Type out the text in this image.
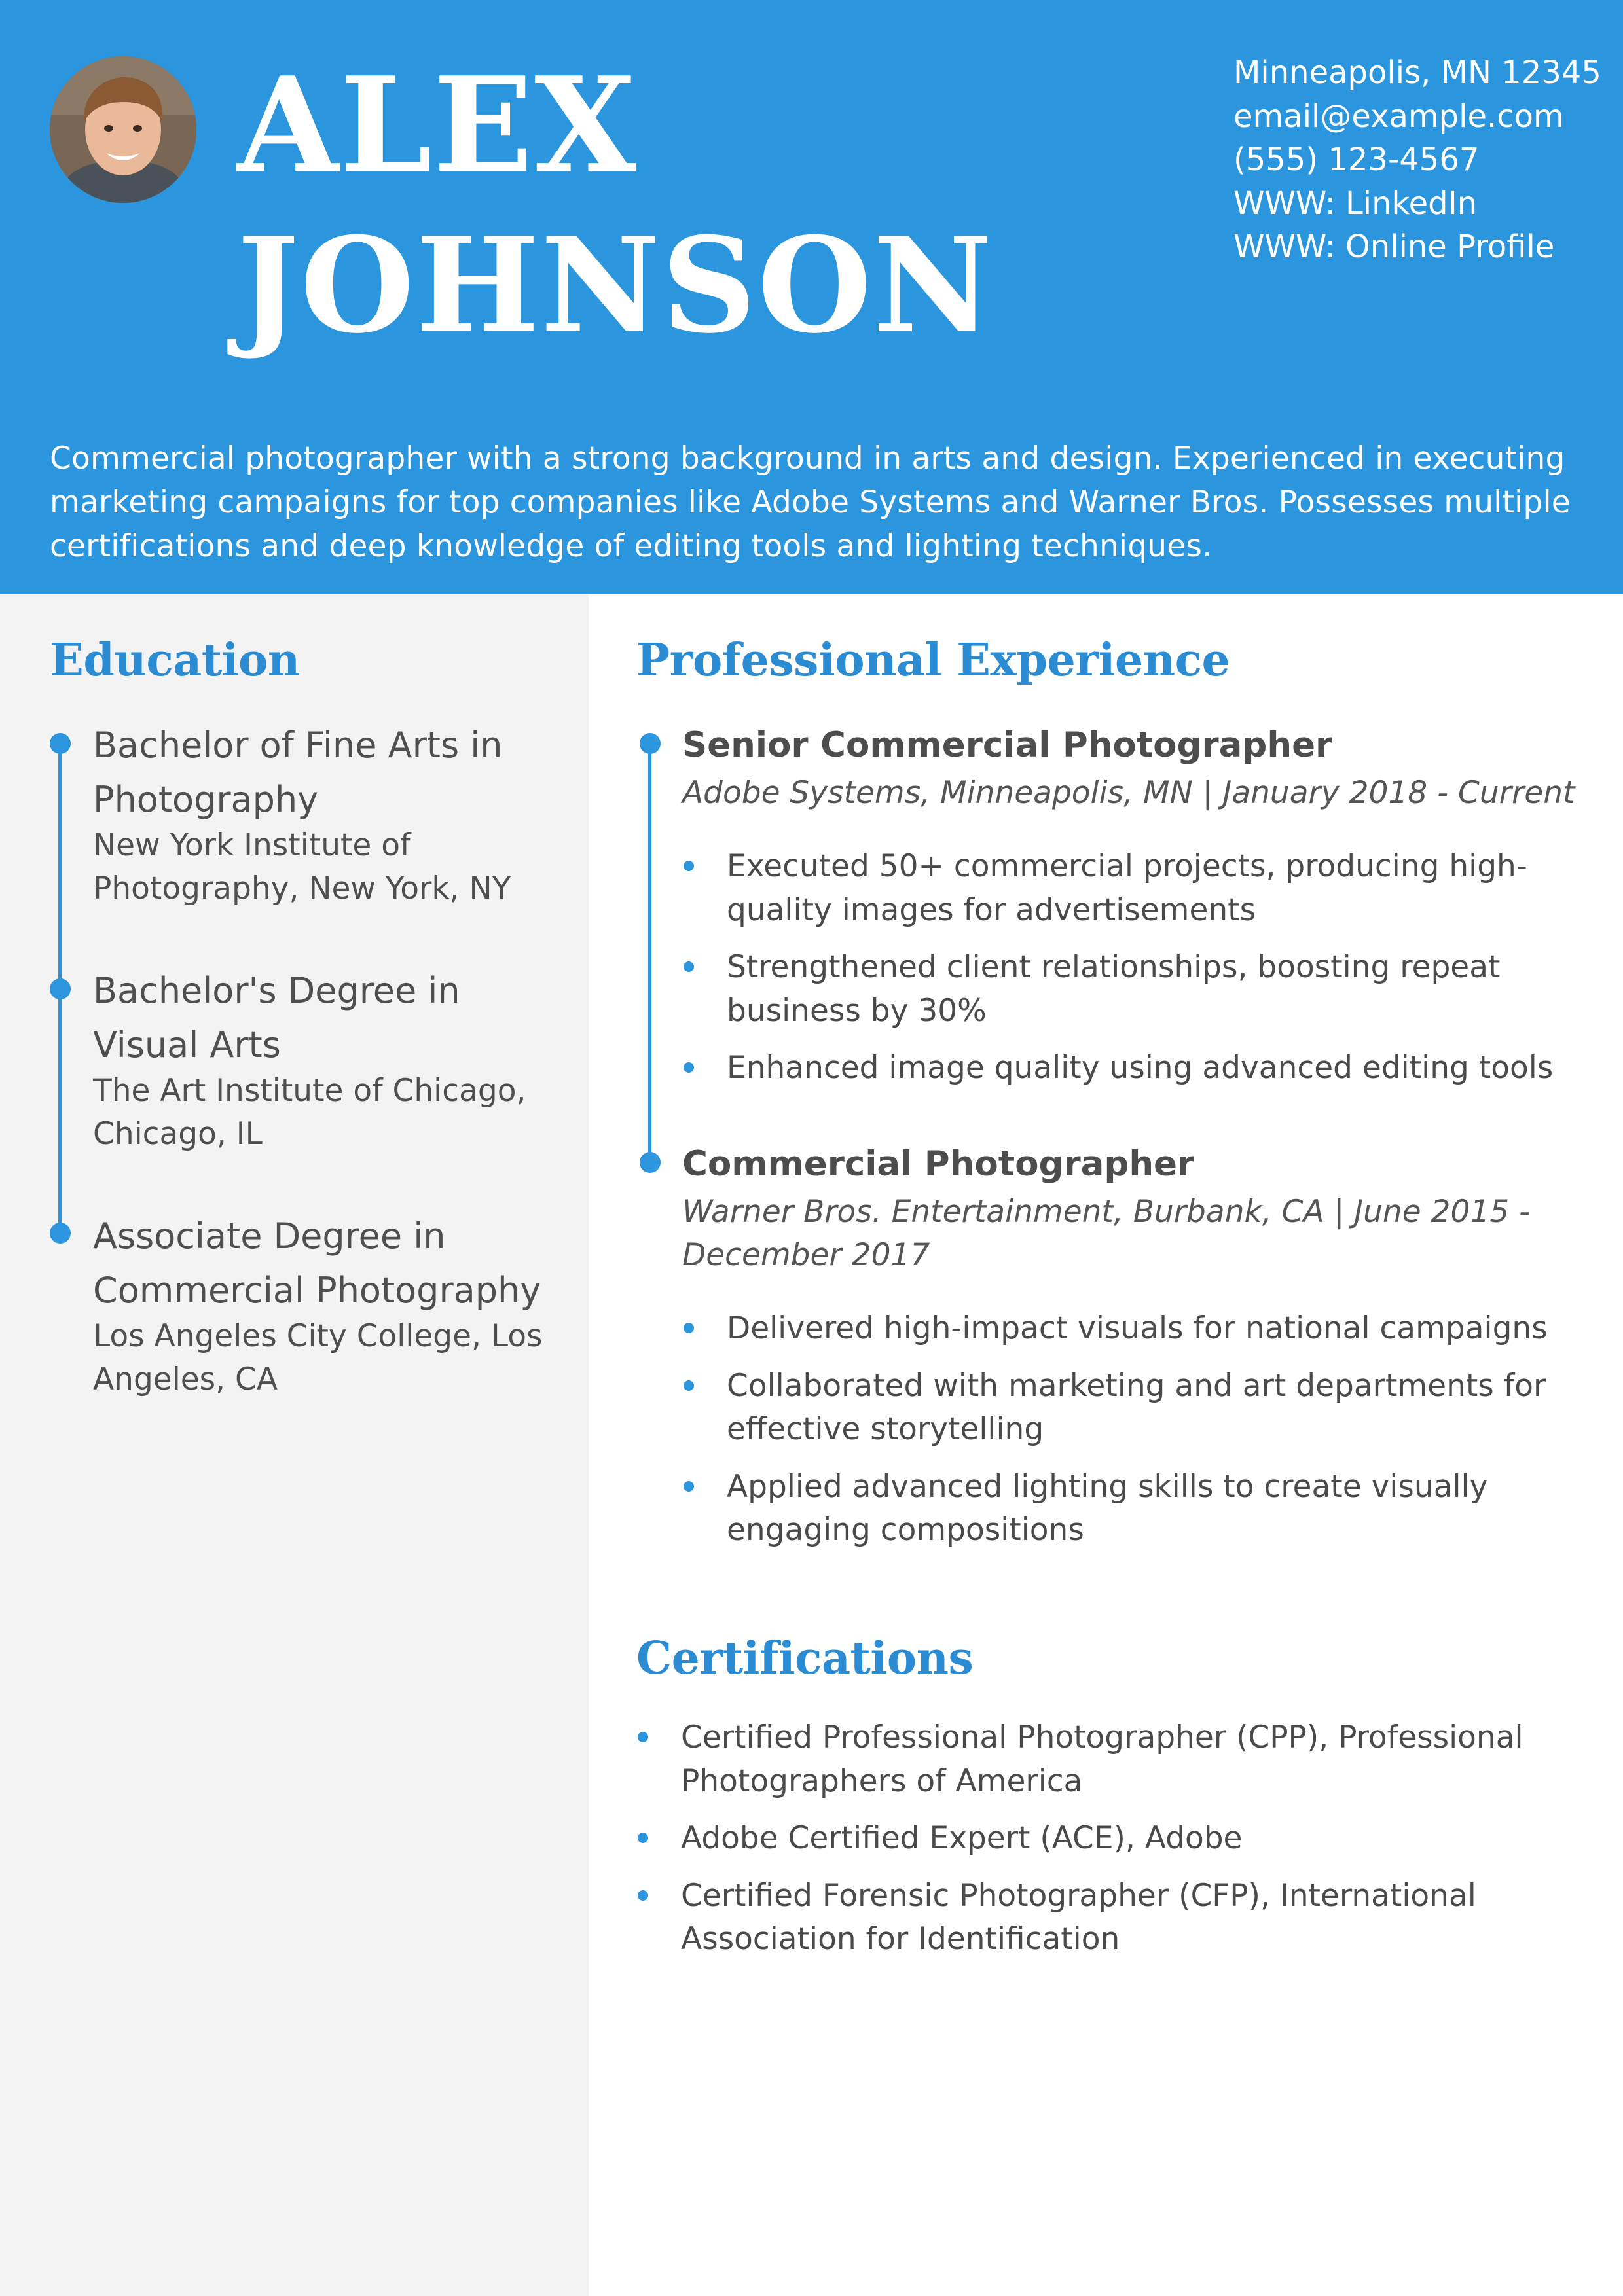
ALEX
JOHNSON
Minneapolis, MN 12345
email@example.com
(555) 123-4567
WWW: LinkedIn
WWW: Online Profile
Commercial photographer with a strong background in arts and design. Experienced in executing marketing campaigns for top companies like Adobe Systems and Warner Bros. Possesses multiple certifications and deep knowledge of editing tools and lighting techniques.
Education
Bachelor of Fine Arts in Photography
New York Institute of Photography, New York, NY
Bachelor's Degree in Visual Arts
The Art Institute of Chicago, Chicago, IL
Associate Degree in Commercial Photography
Los Angeles City College, Los Angeles, CA
Professional Experience
Senior Commercial Photographer
Adobe Systems, Minneapolis, MN | January 2018 - Current
Executed 50+ commercial projects, producing high-quality images for advertisements
Strengthened client relationships, boosting repeat business by 30%
Enhanced image quality using advanced editing tools
Commercial Photographer
Warner Bros. Entertainment, Burbank, CA | June 2015 - December 2017
Delivered high-impact visuals for national campaigns
Collaborated with marketing and art departments for effective storytelling
Applied advanced lighting skills to create visually engaging compositions
Certifications
Certified Professional Photographer (CPP), Professional Photographers of America
Adobe Certified Expert (ACE), Adobe
Certified Forensic Photographer (CFP), International Association for Identification
